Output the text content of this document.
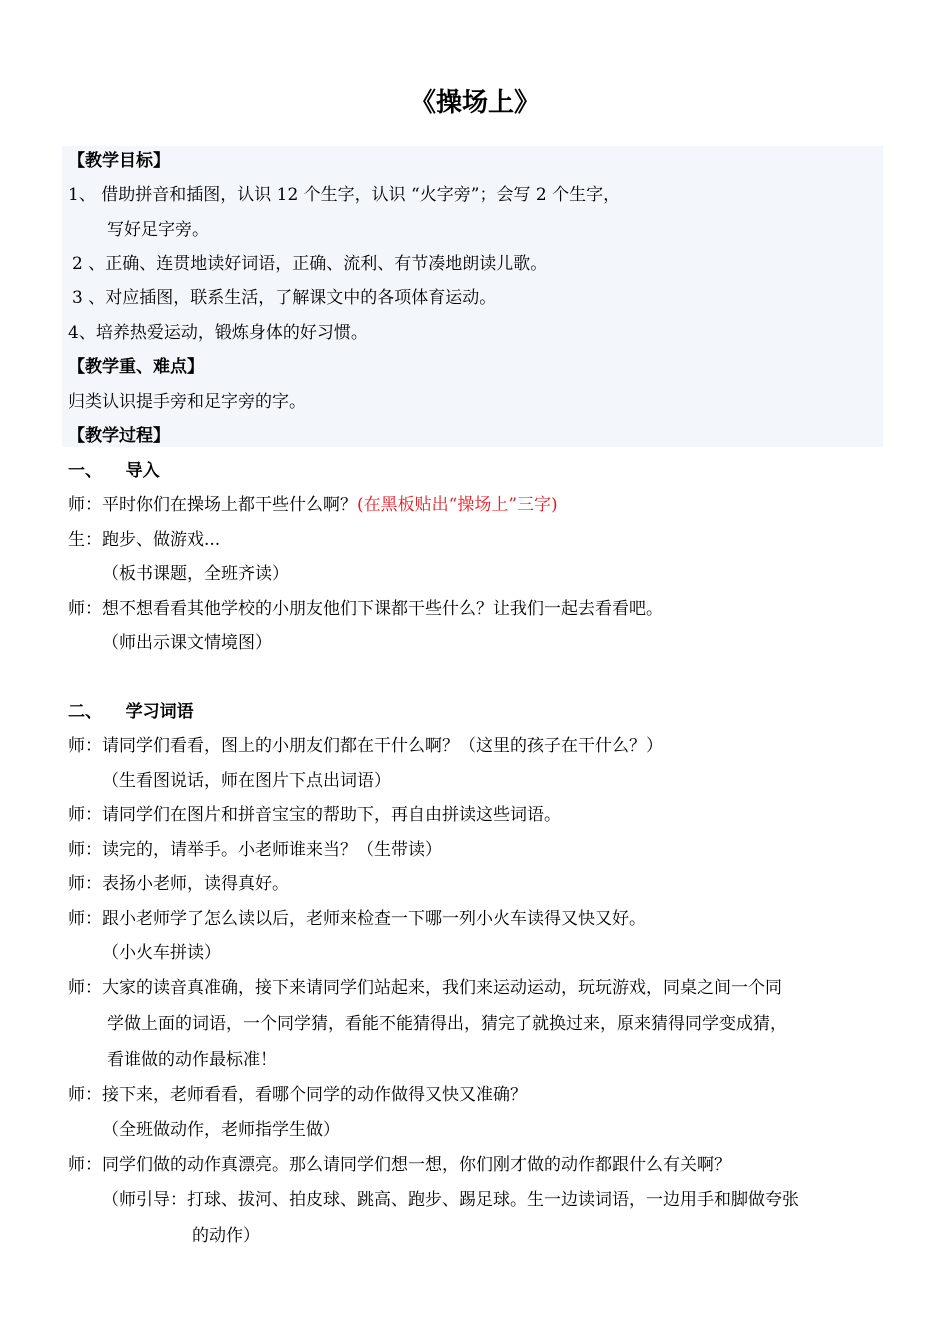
《操场上》
【教学目标】
1、 借助拼音和插图，认识 12 个生字，认识 “火字旁”；会写 2 个生字，
写好足字旁。
2 、正确、连贯地读好词语，正确、流利、有节凑地朗读儿歌。
3 、对应插图，联系生活，了解课文中的各项体育运动。
4、培养热爱运动，锻炼身体的好习惯。
【教学重、难点】
归类认识提手旁和足字旁的字。
【教学过程】
一、    导入
师：平时你们在操场上都干些什么啊？(在黑板贴出“操场上”三字)
生：跑步、做游戏...
（板书课题，全班齐读）
师：想不想看看其他学校的小朋友他们下课都干些什么？让我们一起去看看吧。
（师出示课文情境图）
二、    学习词语
师：请同学们看看，图上的小朋友们都在干什么啊？（这里的孩子在干什么？）
（生看图说话，师在图片下点出词语）
师：请同学们在图片和拼音宝宝的帮助下，再自由拼读这些词语。
师：读完的，请举手。小老师谁来当？（生带读）
师：表扬小老师，读得真好。
师：跟小老师学了怎么读以后，老师来检查一下哪一列小火车读得又快又好。
（小火车拼读）
师：大家的读音真准确，接下来请同学们站起来，我们来运动运动，玩玩游戏，同桌之间一个同
学做上面的词语，一个同学猜，看能不能猜得出，猜完了就换过来，原来猜得同学变成猜，
看谁做的动作最标准！
师：接下来，老师看看，看哪个同学的动作做得又快又准确？
（全班做动作，老师指学生做）
师：同学们做的动作真漂亮。那么请同学们想一想，你们刚才做的动作都跟什么有关啊？
（师引导：打球、拔河、拍皮球、跳高、跑步、踢足球。生一边读词语，一边用手和脚做夸张
的动作）
